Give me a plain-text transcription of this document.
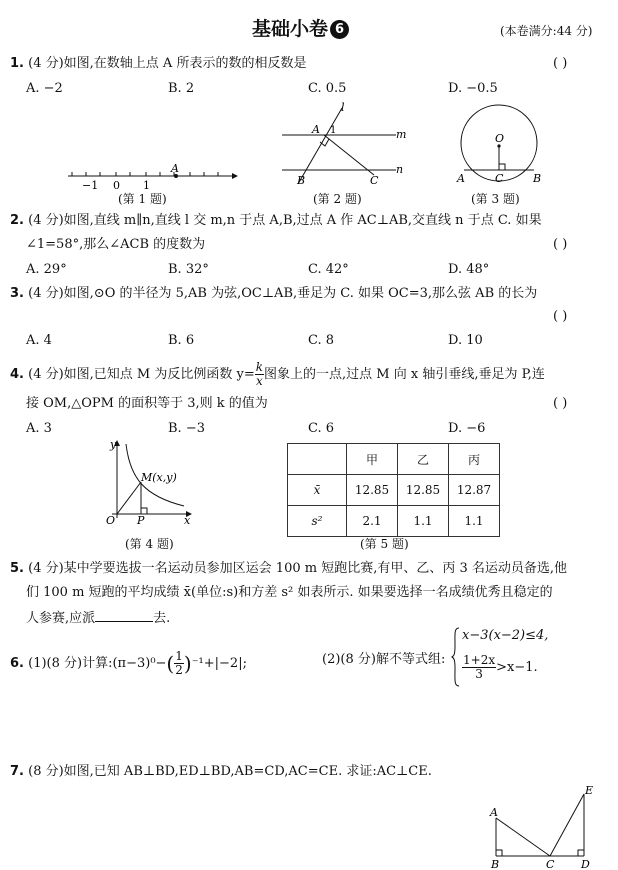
基础小卷 6	(本卷满分:44 分)
1. (4 分)如图,在数轴上点 A 所表示的数的相反数是	( )
A. −2	B. 2	C. 0.5	D. −0.5
−1 0 1
A
(第 1 题)
l
A 1	m
n
B	C
(第 2 题)
O
A	C	B
(第 3 题)
2. (4 分)如图,直线 m∥n,直线 l 交 m,n 于点 A,B,过点 A 作 AC⊥AB,交直线 n 于点 C. 如果
∠1=58°,那么∠ACB 的度数为	( )
A. 29°	B. 32°	C. 42°	D. 48°
3. (4 分)如图,⊙O 的半径为 5,AB 为弦,OC⊥AB,垂足为 C. 如果 OC=3,那么弦 AB 的长为
( )
A. 4	B. 6	C. 8	D. 10
4. (4 分)如图,已知点 M 为反比例函数 $y= \frac{k}{x}$ 图象上的一点,过点 M 向 x 轴引垂线,垂足为 P,连
接 OM,△OPM 的面积等于 3,则 k 的值为	( )
A. 3	B. −3	C. 6	D. −6
y
M(x,y)
O P	x
(第 4 题)
	甲	乙	丙
x̄	12.85	12.85	12.87
s²	2.1	1.1	1.1
(第 5 题)
5. (4 分)某中学要选拔一名运动员参加区运会 100 m 短跑比赛,有甲、乙、丙 3 名运动员备选,他
们 100 m 短跑的平均成绩 x̄(单位:s)和方差 s² 如表所示. 如果要选择一名成绩优秀且稳定的
人参赛,应派	去.
6. (1)(8 分)计算:(π−3)⁰−( $\frac{1}{2} )^{-1}+|-2|$;	(2)(8 分)解不等式组:
x−3(x−2)≤4,
$\frac{1+2x}{3} >x-1$.
7. (8 分)如图,已知 AB⊥BD,ED⊥BD,AB=CD,AC=CE. 求证:AC⊥CE.
E
A
B	C D
